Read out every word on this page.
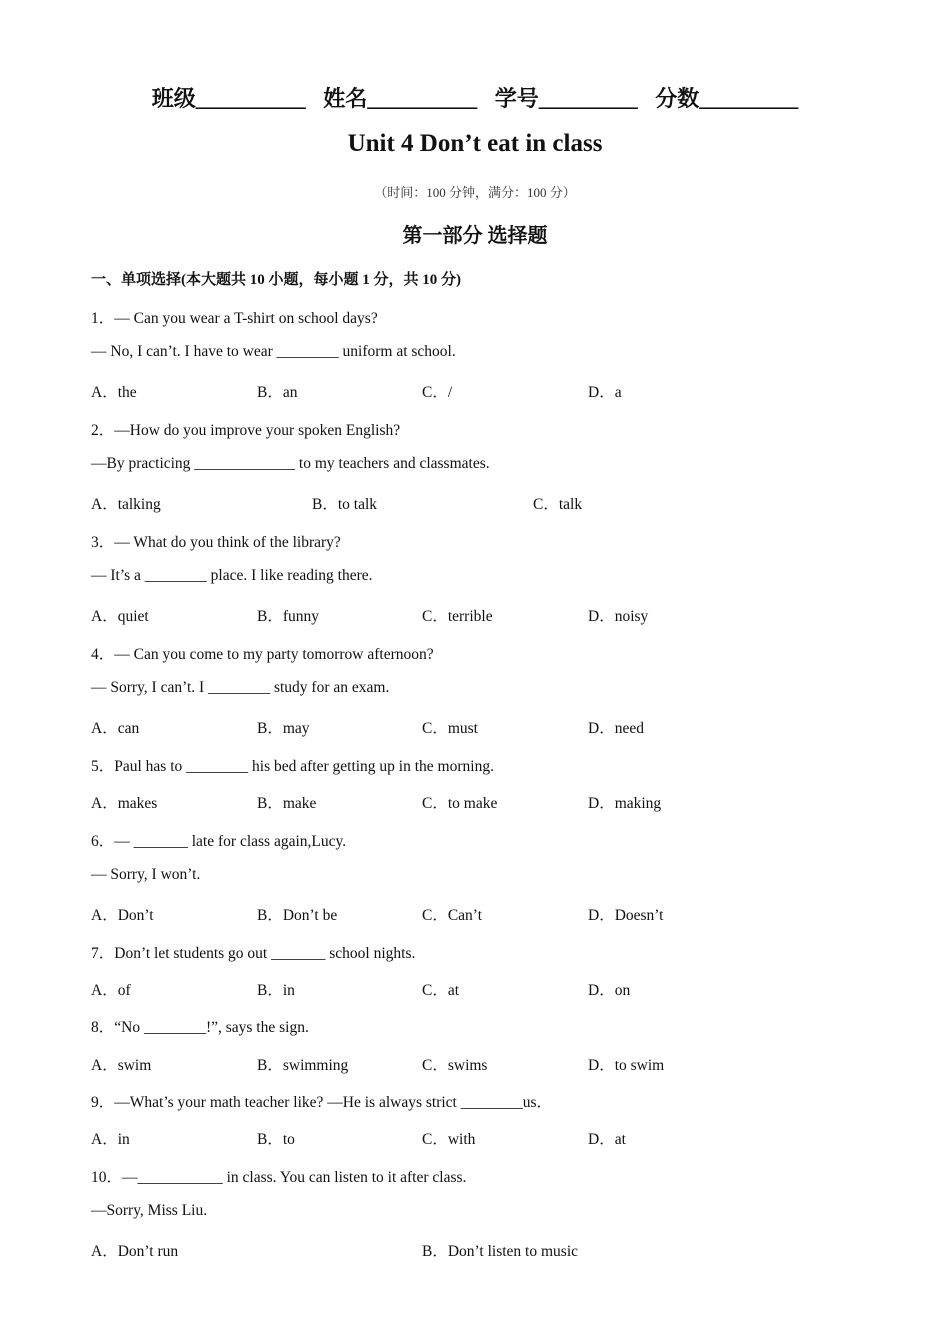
班级__________ 姓名__________ 学号_________ 分数_________
Unit 4 Don’t eat in class
（时间：100 分钟，满分：100 分）
第一部分 选择题
一、单项选择(本大题共 10 小题，每小题 1 分，共 10 分)
1．— Can you wear a T-shirt on school days?
— No, I can’t. I have to wear ________ uniform at school.
A．the	B．an	C．/	D．a
2．—How do you improve your spoken English?
—By practicing _____________ to my teachers and classmates.
A．talking	B．to talk	C．talk
3．— What do you think of the library?
— It’s a ________ place. I like reading there.
A．quiet	B．funny	C．terrible	D．noisy
4．— Can you come to my party tomorrow afternoon?
— Sorry, I can’t. I ________ study for an exam.
A．can	B．may	C．must	D．need
5．Paul has to ________ his bed after getting up in the morning.
A．makes	B．make	C．to make	D．making
6．— _______ late for class again,Lucy.
— Sorry, I won’t.
A．Don’t	B．Don’t be	C．Can’t	D．Doesn’t
7．Don’t let students go out _______ school nights.
A．of	B．in	C．at	D．on
8．“No ________!”, says the sign.
A．swim	B．swimming	C．swims	D．to swim
9．—What’s your math teacher like? —He is always strict ________us．
A．in	B．to	C．with	D．at
10．—___________ in class. You can listen to it after class.
—Sorry, Miss Liu.
A．Don’t run	B．Don’t listen to music
